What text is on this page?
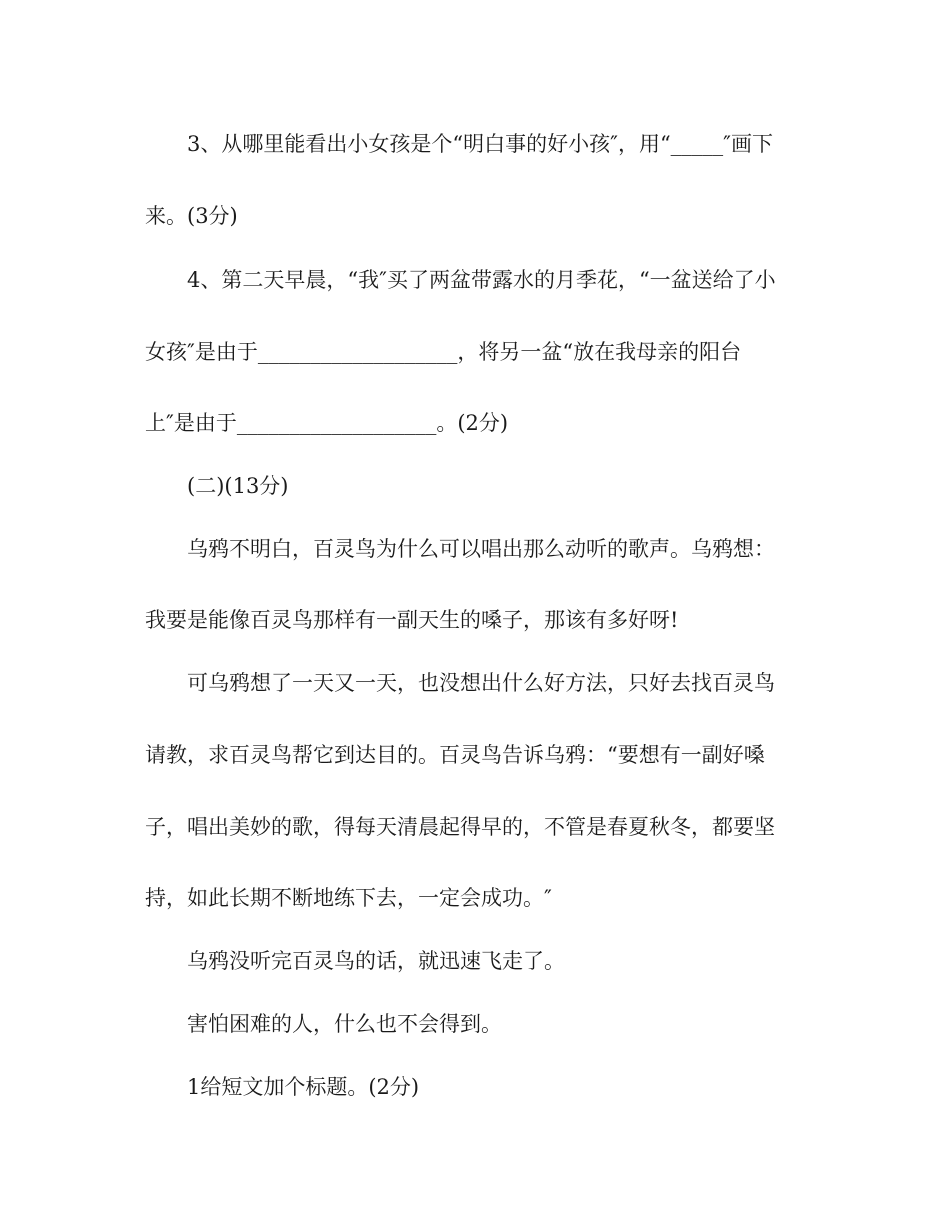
3、从哪里能看出小女孩是个“明白事的好小孩″，用“_____″画下
来。(3分)
4、第二天早晨，“我″买了两盆带露水的月季花，“一盆送给了小
女孩″是由于___________________，将另一盆“放在我母亲的阳台
上″是由于___________________。(2分)
(二)(13分)
乌鸦不明白，百灵鸟为什么可以唱出那么动听的歌声。乌鸦想：
我要是能像百灵鸟那样有一副天生的嗓子，那该有多好呀!
可乌鸦想了一天又一天，也没想出什么好方法，只好去找百灵鸟
请教，求百灵鸟帮它到达目的。百灵鸟告诉乌鸦：“要想有一副好嗓
子，唱出美妙的歌，得每天清晨起得早的，不管是春夏秋冬，都要坚
持，如此长期不断地练下去，一定会成功。″
乌鸦没听完百灵鸟的话，就迅速飞走了。
害怕困难的人，什么也不会得到。
1给短文加个标题。(2分)
